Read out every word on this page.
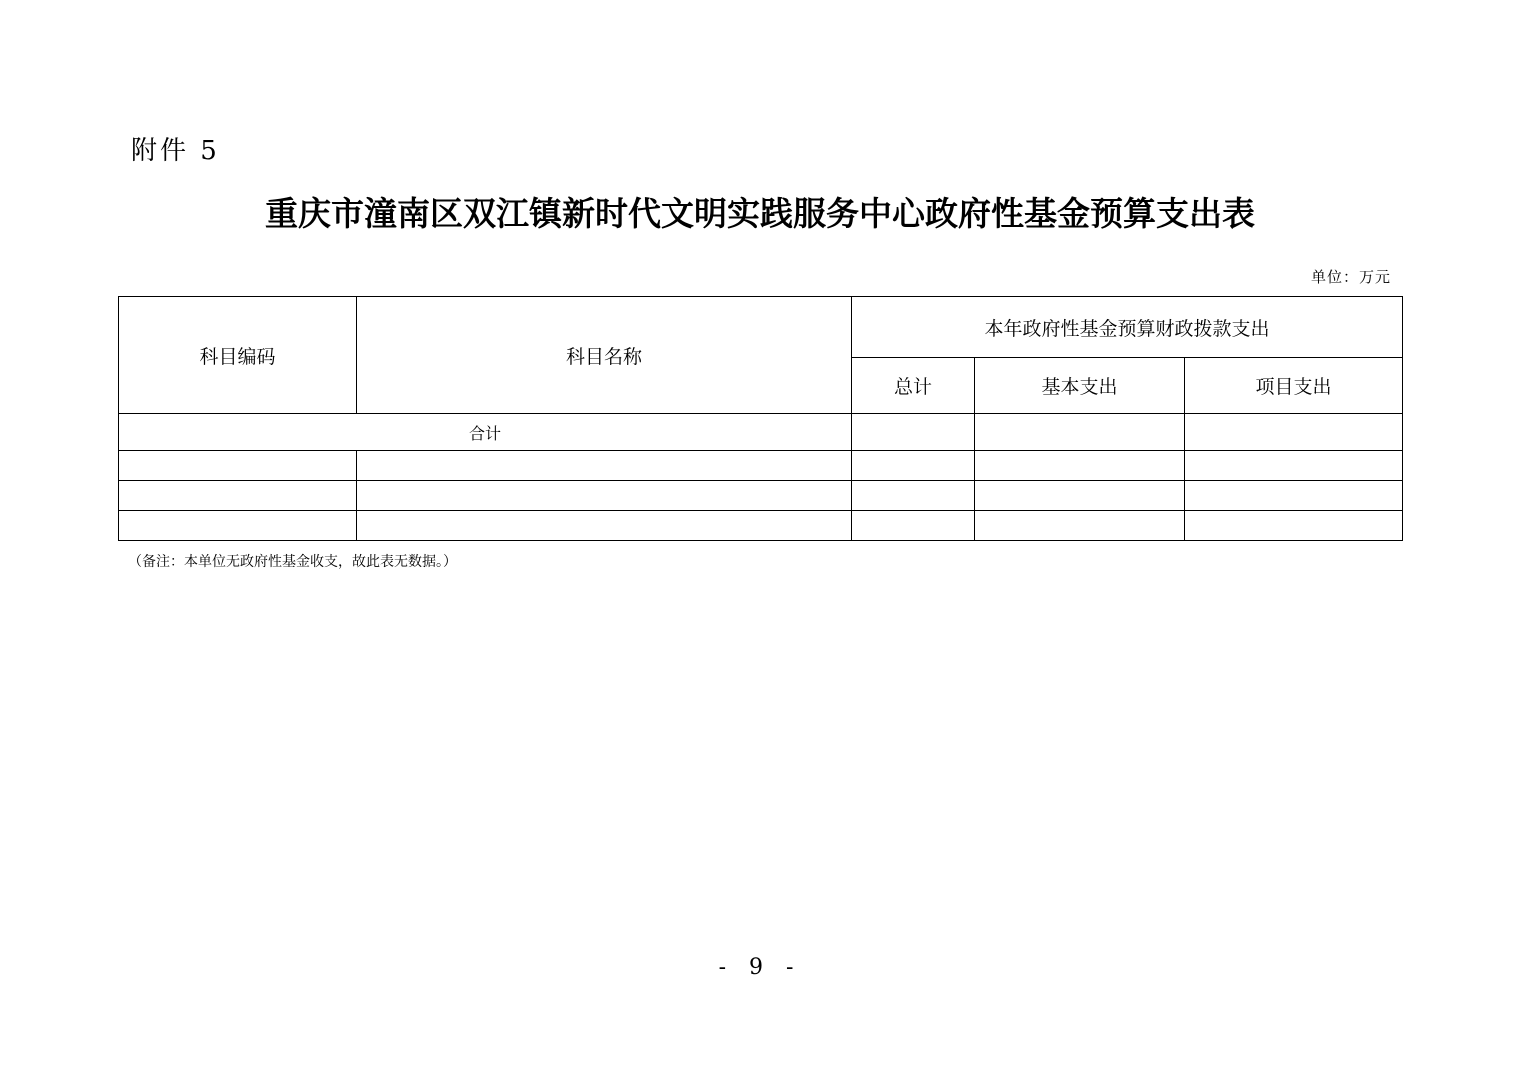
附件 5
重庆市潼南区双江镇新时代文明实践服务中心政府性基金预算支出表
单位：万元
科目编码	科目名称	本年政府性基金预算财政拨款支出		
		总计	基本支出	项目支出
合计				

（备注：本单位无政府性基金收支，故此表无数据。）
- 9 -
